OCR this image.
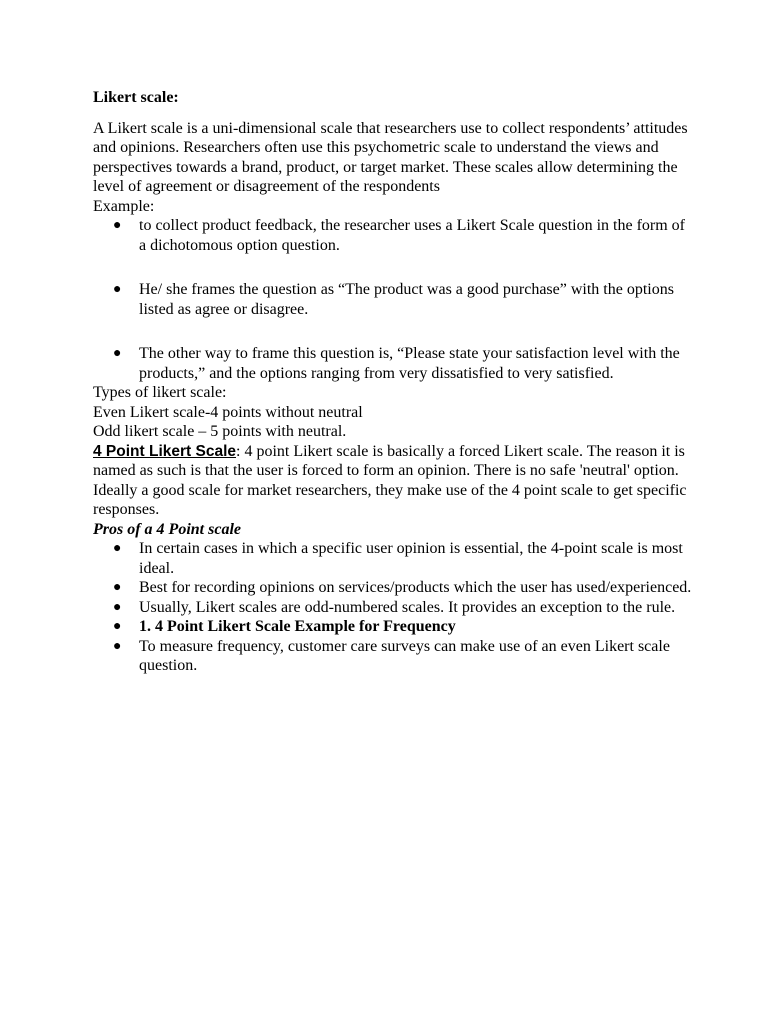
Likert scale:

A Likert scale is a uni-dimensional scale that researchers use to collect respondents’ attitudes and opinions. Researchers often use this psychometric scale to understand the views and perspectives towards a brand, product, or target market. These scales allow determining the level of agreement or disagreement of the respondents

Example:

● to collect product feedback, the researcher uses a Likert Scale question in the form of a dichotomous option question.
● He/ she frames the question as “The product was a good purchase” with the options listed as agree or disagree.
● The other way to frame this question is, “Please state your satisfaction level with the products,” and the options ranging from very dissatisfied to very satisfied.

Types of likert scale:

Even Likert scale-4 points without neutral

Odd likert scale – 5 points with neutral.

4 Point Likert Scale: 4 point Likert scale is basically a forced Likert scale. The reason it is named as such is that the user is forced to form an opinion. There is no safe 'neutral' option. Ideally a good scale for market researchers, they make use of the 4 point scale to get specific responses.

Pros of a 4 Point scale

● In certain cases in which a specific user opinion is essential, the 4-point scale is most ideal.
● Best for recording opinions on services/products which the user has used/experienced.
● Usually, Likert scales are odd-numbered scales. It provides an exception to the rule.
● 1. 4 Point Likert Scale Example for Frequency
● To measure frequency, customer care surveys can make use of an even Likert scale question.
